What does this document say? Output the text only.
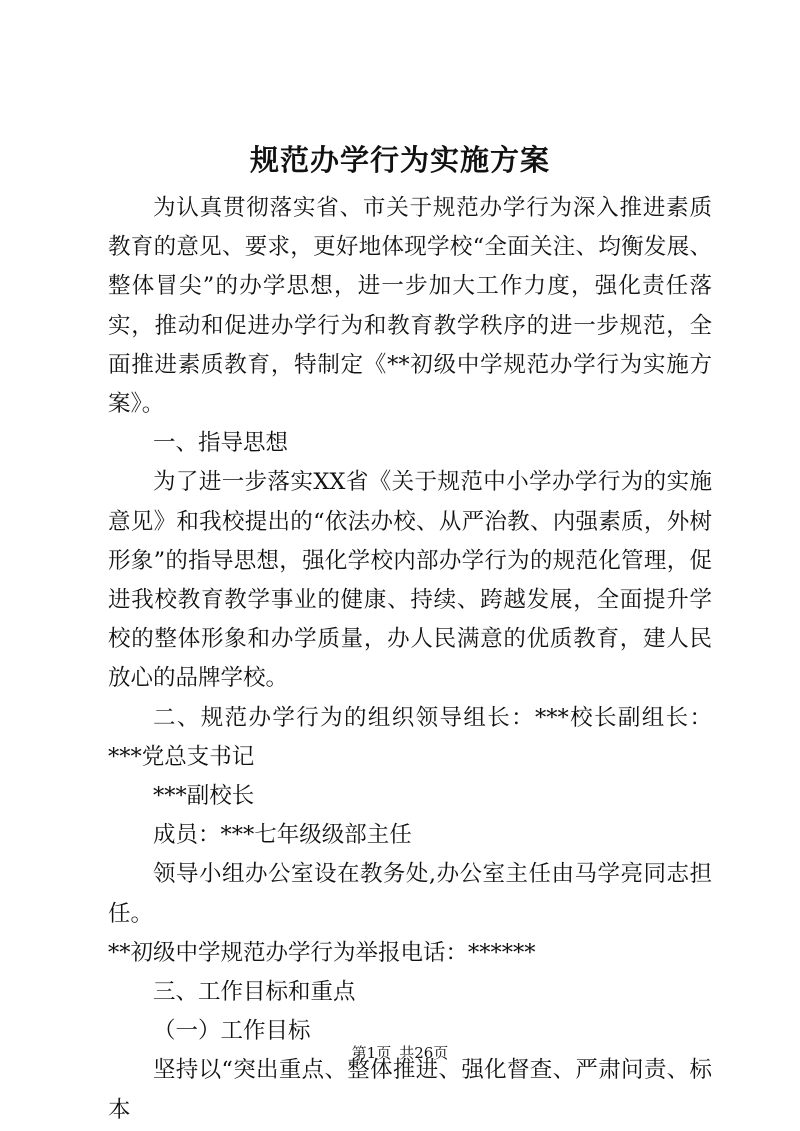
规范办学行为实施方案

为认真贯彻落实省、市关于规范办学行为深入推进素质教育的意见、要求，更好地体现学校“全面关注、均衡发展、整体冒尖”的办学思想，进一步加大工作力度，强化责任落实，推动和促进办学行为和教育教学秩序的进一步规范，全面推进素质教育，特制定《**初级中学规范办学行为实施方案》。

一、指导思想

为了进一步落实XX省《关于规范中小学办学行为的实施意见》和我校提出的“依法办校、从严治教、内强素质，外树形象”的指导思想，强化学校内部办学行为的规范化管理，促进我校教育教学事业的健康、持续、跨越发展，全面提升学校的整体形象和办学质量，办人民满意的优质教育，建人民放心的品牌学校。

二、规范办学行为的组织领导组长：***校长副组长：***党总支书记

***副校长

成员：***七年级级部主任

领导小组办公室设在教务处,办公室主任由马学亮同志担任。

**初级中学规范办学行为举报电话：******

三、工作目标和重点

（一）工作目标

坚持以“突出重点、整体推进、强化督查、严肃问责、标本

第1页 共26页
